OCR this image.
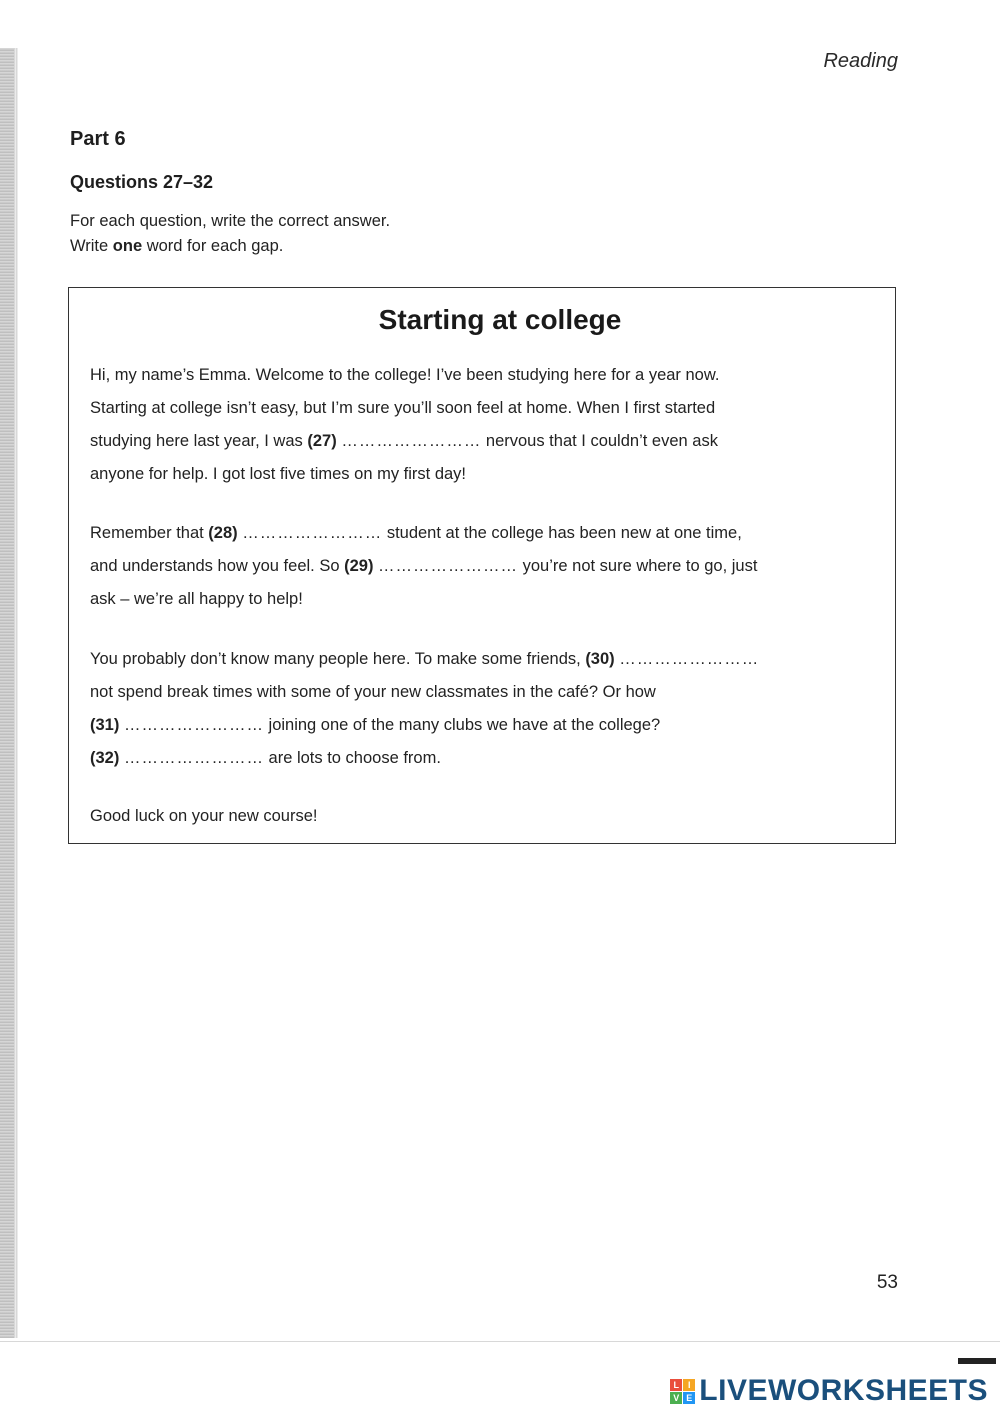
Reading
Part 6
Questions 27–32
For each question, write the correct answer.
Write one word for each gap.
Starting at college
Hi, my name’s Emma. Welcome to the college! I’ve been studying here for a year now.
Starting at college isn’t easy, but I’m sure you’ll soon feel at home. When I first started
studying here last year, I was (27) …………………… nervous that I couldn’t even ask
anyone for help. I got lost five times on my first day!
Remember that (28) …………………… student at the college has been new at one time,
and understands how you feel. So (29) …………………… you’re not sure where to go, just
ask – we’re all happy to help!
You probably don’t know many people here. To make some friends, (30) ……………………
not spend break times with some of your new classmates in the café? Or how
(31) …………………… joining one of the many clubs we have at the college?
(32) …………………… are lots to choose from.
Good luck on your new course!
53
L I
V E LIVEWORKSHEETS
